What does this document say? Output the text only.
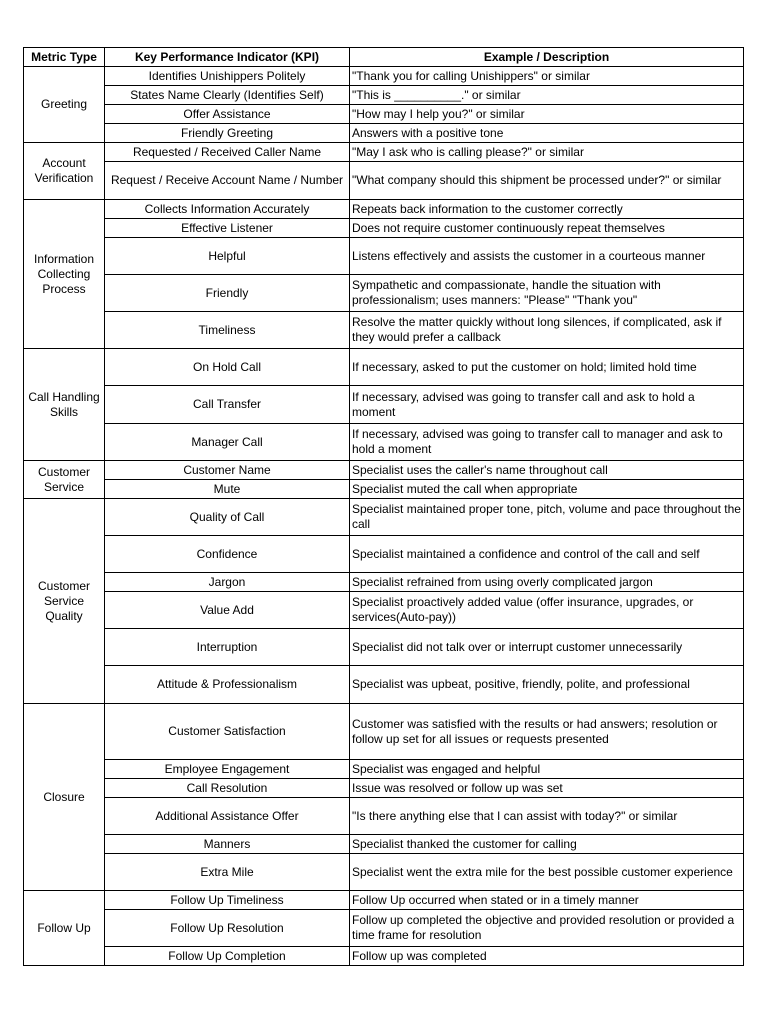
Metric Type	Key Performance Indicator (KPI)	Example / Description
Greeting	Identifies Unishippers Politely	"Thank you for calling Unishippers" or similar
	States Name Clearly (Identifies Self)	"This is __________." or similar
	Offer Assistance	"How may I help you?" or similar
	Friendly Greeting	Answers with a positive tone
Account Verification	Requested / Received Caller Name	"May I ask who is calling please?" or similar
	Request / Receive Account Name / Number	"What company should this shipment be processed under?" or similar
Information Collecting Process	Collects Information Accurately	Repeats back information to the customer correctly
	Effective Listener	Does not require customer continuously repeat themselves
	Helpful	Listens effectively and assists the customer in a courteous manner
	Friendly	Sympathetic and compassionate, handle the situation with professionalism; uses manners: "Please" "Thank you"
	Timeliness	Resolve the matter quickly without long silences, if complicated, ask if they would prefer a callback
Call Handling Skills	On Hold Call	If necessary, asked to put the customer on hold; limited hold time
	Call Transfer	If necessary, advised was going to transfer call and ask to hold a moment
	Manager Call	If necessary, advised was going to transfer call to manager and ask to hold a moment
Customer Service	Customer Name	Specialist uses the caller's name throughout call
	Mute	Specialist muted the call when appropriate
Customer Service Quality	Quality of Call	Specialist maintained proper tone, pitch, volume and pace throughout the call
	Confidence	Specialist maintained a confidence and control of the call and self
	Jargon	Specialist refrained from using overly complicated jargon
	Value Add	Specialist proactively added value (offer insurance, upgrades, or services(Auto-pay))
	Interruption	Specialist did not talk over or interrupt customer unnecessarily
	Attitude & Professionalism	Specialist was upbeat, positive, friendly, polite, and professional
Closure	Customer Satisfaction	Customer was satisfied with the results or had answers; resolution or follow up set for all issues or requests presented
	Employee Engagement	Specialist was engaged and helpful
	Call Resolution	Issue was resolved or follow up was set
	Additional Assistance Offer	"Is there anything else that I can assist with today?" or similar
	Manners	Specialist thanked the customer for calling
	Extra Mile	Specialist went the extra mile for the best possible customer experience
Follow Up	Follow Up Timeliness	Follow Up occurred when stated or in a timely manner
	Follow Up Resolution	Follow up completed the objective and provided resolution or provided a time frame for resolution
	Follow Up Completion	Follow up was completed
